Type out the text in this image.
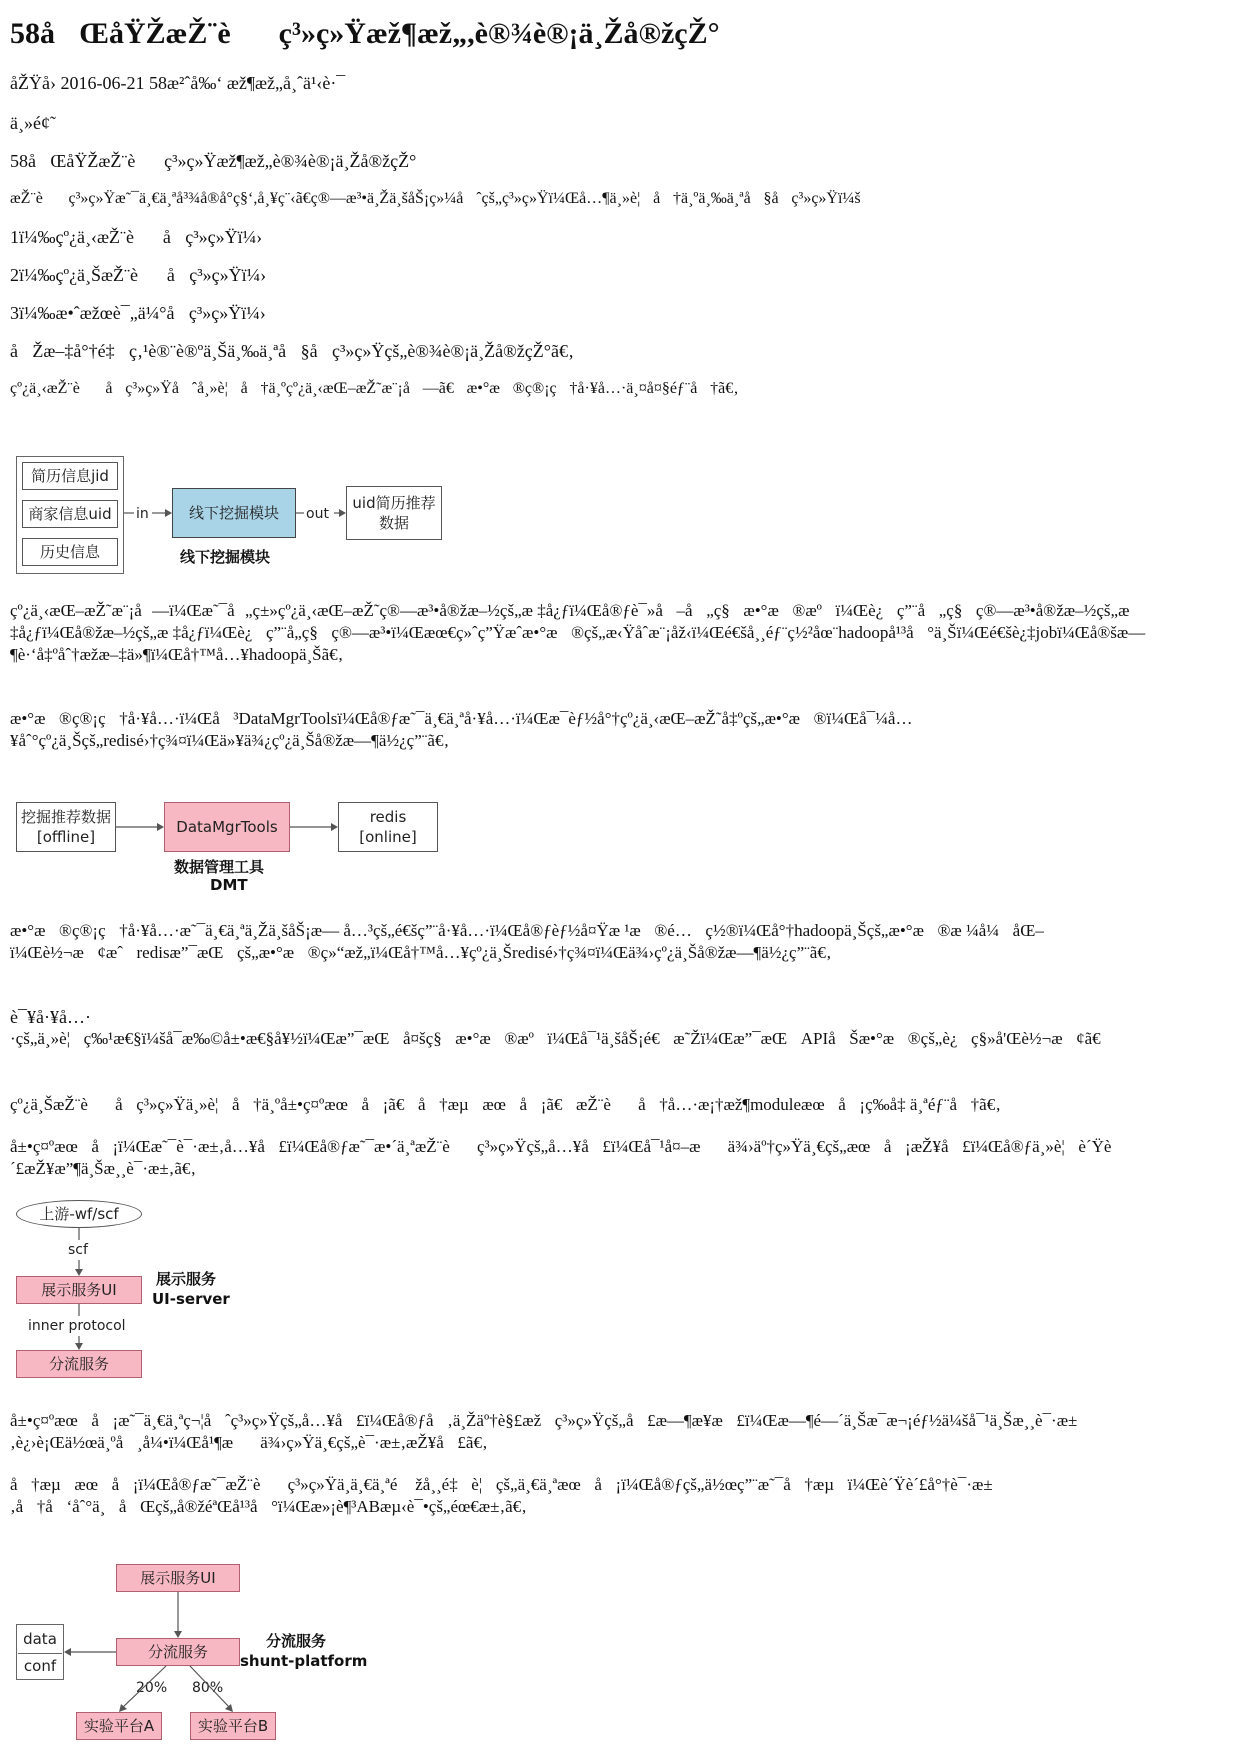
58åŒåŸŽæŽ¨èç³»ç»Ÿæž¶æž„,è®¾è®¡ä¸Žå®žçŽ°
åŽŸå› 2016-06-21 58æ²ˆå‰‘ æž¶æž„å¸ˆä¹‹è·¯
ä¸»é¢˜
58åŒåŸŽæŽ¨èç³»ç»Ÿæž¶æž„è®¾è®¡ä¸Žå®žçŽ°
æŽ¨èç³»ç»Ÿæ˜¯ä¸€ä¸ªå³¾å®å°ç§‘,å¸¥ç¨‹ã€ç®—æ³•ä¸Žä¸šåŠ¡ç»¼åˆçš„ç³»ç»Ÿï¼Œå…¶ä¸»è¦å†ä¸ºä¸‰ä¸ªå§åç³»ç»Ÿï¼š
1ï¼‰çº¿ä¸‹æŽ¨èåç³»ç»Ÿï¼›
2ï¼‰çº¿ä¸ŠæŽ¨èåç³»ç»Ÿï¼›
3ï¼‰æ•ˆæžœè¯„ä¼°åç³»ç»Ÿï¼›
åŽæ–‡å°†é‡ç‚¹è®¨è®ºä¸Šä¸‰ä¸ªå§åç³»ç»Ÿçš„è®¾è®¡ä¸Žå®žçŽ°ã€‚
çº¿ä¸‹æŽ¨èåç³»ç»Ÿåˆå¸»è¦å†ä¸ºçº¿ä¸‹æŒ–æŽ˜æ¨¡å—ã€æ•°æ®ç®¡ç†å·¥å…·ä¸¤å¤§éƒ¨å†ã€‚
简历信息jid
商家信息uid
历史信息
in	线下挖掘模块	out
uid简历推荐数据
线下挖掘模块
çº¿ä¸‹æŒ–æŽ˜æ¨¡å—ï¼Œæ˜¯å„ç±»çº¿ä¸‹æŒ–æŽ˜ç®—æ³•å®žæ–½çš„æ ‡å¿ƒï¼Œå®ƒè¯»å–å„ç§æ•°æ®æºï¼Œè¿ç”¨å„ç§ç®—æ³•å®žæ–½çš„æ ‡å¿ƒï¼Œå®žæ–½çš„æ ‡å¿ƒï¼Œè¿ç”¨å„ç§ç®—æ³•ï¼Œæœ€ç»ˆç”Ÿæˆæ•°æ®çš„æ‹Ÿåˆæ¨¡åž‹ï¼Œé€šå¸¸éƒ¨ç½²åœ¨hadoopå¹³å°ä¸Šï¼Œé€šè¿‡jobï¼Œå®šæ—¶è·‘å‡ºåˆ†æžæ–‡ä»¶ï¼Œå†™å…¥hadoopä¸Šã€‚
æ•°æ®ç®¡ç†å·¥å…·ï¼Œå³DataMgrToolsï¼Œå®ƒæ˜¯ä¸€ä¸ªå·¥å…·ï¼Œæ¯èƒ½å°†çº¿ä¸‹æŒ–æŽ˜å‡ºçš„æ•°æ®ï¼Œå¯¼å…¥åˆ°çº¿ä¸Šçš„redisé›†ç¾¤ï¼Œä»¥ä¾¿çº¿ä¸Šå®žæ—¶ä½¿ç”¨ã€‚
挖掘推荐数据[offline]
DataMgrTools
redis [online]
数据管理工具
DMT
æ•°æ®ç®¡ç†å·¥å…·æ˜¯ä¸€ä¸ªä¸Žä¸šåŠ¡æ— å…³çš„é€šç”¨å·¥å…·ï¼Œå®ƒèƒ½å¤Ÿæ ¹æ®é…ç½®ï¼Œå°†hadoopä¸Šçš„æ•°æ®æ ¼å¼åŒ–ï¼Œè½¬æ¢æˆredisæ”¯æŒçš„æ•°æ®ç»“æž„ï¼Œå†™å…¥çº¿ä¸Šredisé›†ç¾¤ï¼Œä¾›çº¿ä¸Šå®žæ—¶ä½¿ç”¨ã€‚
è¯¥å·¥å…·
·çš„ä¸»è¦ç‰¹æ€§ï¼šå¯æ‰©å±•æ€§å¥½ï¼Œæ”¯æŒå¤šç§æ•°æ®æºï¼Œå¯¹ä¸šåŠ¡é€æ˜Žï¼Œæ”¯æŒAPIåŠæ•°æ®çš„è¿ç§»å'Œè½¬æ¢ã€
çº¿ä¸ŠæŽ¨èåç³»ç»Ÿä¸»è¦å†ä¸ºå±•ç¤ºæœå¡ã€å†æµæœå¡ã€æŽ¨èå†å…·æ¡†æž¶moduleæœå¡ç‰å‡ ä¸ªéƒ¨å†ã€‚
å±•ç¤ºæœå¡ï¼Œæ˜¯è¯·æ±‚å…¥å£ï¼Œå®ƒæ˜¯æ•´ä¸ªæŽ¨èç³»ç»Ÿçš„å…¥å£ï¼Œå¯¹å¤–æä¾›äº†ç»Ÿä¸€çš„æœå¡æŽ¥å£ï¼Œå®ƒä¸»è¦è´Ÿè´£æŽ¥æ”¶ä¸Šæ¸¸è¯·æ±‚ã€‚
上游-wf/scf
scf
展示服务UI
inner protocol
分流服务
展示服务
UI-server
å±•ç¤ºæœå¡æ˜¯ä¸€ä¸ªç¬¦åˆç³»ç»Ÿçš„å…¥å£ï¼Œå®ƒå‚ä¸Žäº†è§£æžç³»ç»Ÿçš„å£æ—¶æ¥æ£ï¼Œæ—¶é—´ä¸Šæ¯æ¬¡éƒ½ä¼šå¯¹ä¸Šæ¸¸è¯·æ±‚è¿›è¡Œä½œä¸ºå¸å¼•ï¼Œå¹¶æä¾›ç»Ÿä¸€çš„è¯·æ±‚æŽ¥å£ã€‚
å†æµæœå¡ï¼Œå®ƒæ˜¯æŽ¨èç³»ç»Ÿä¸ä¸€ä¸ªé žå¸¸é‡è¦çš„ä¸€ä¸ªæœå¡ï¼Œå®ƒçš„ä½œç”¨æ˜¯å†æµï¼Œè´Ÿè´£å°†è¯·æ±‚å†å‘åˆ°ä¸åŒçš„å®žéªŒå¹³å°ï¼Œæ»¡è¶³ABæµ‹è¯•çš„éœ€æ±‚ã€‚
展示服务UI
分流服务
data
conf
20% 80%
实验平台A	实验平台B
分流服务
shunt-platform
